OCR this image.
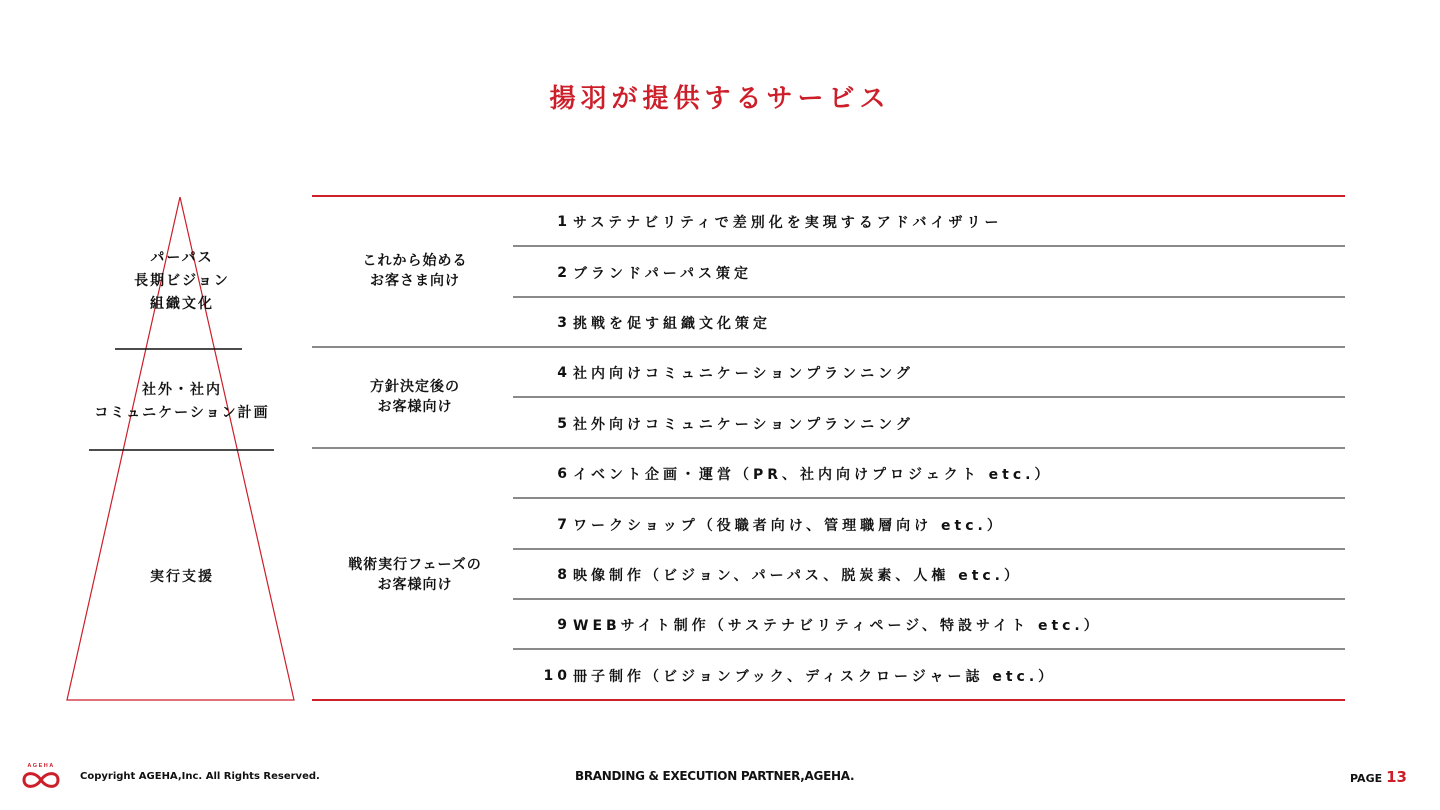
揚羽が提供するサービス
パーパス
長期ビジョン
組織文化
社外・社内
コミュニケーション計画
実行支援
これから始める
お客さま向け
方針決定後の
お客様向け
戦術実行フェーズの
お客様向け
1 サステナビリティで差別化を実現するアドバイザリー
2 ブランドパーパス策定
3 挑戦を促す組織文化策定
4 社内向けコミュニケーションプランニング
5 社外向けコミュニケーションプランニング
6 イベント企画・運営（PR、社内向けプロジェクト etc.）
7 ワークショップ（役職者向け、管理職層向け etc.）
8 映像制作（ビジョン、パーパス、脱炭素、人権 etc.）
9 WEBサイト制作（サステナビリティページ、特設サイト etc.）
10 冊子制作（ビジョンブック、ディスクロージャー誌 etc.）
AGEHA
Copyright AGEHA,Inc. All Rights Reserved.	BRANDING & EXECUTION PARTNER,AGEHA.	PAGE 13
